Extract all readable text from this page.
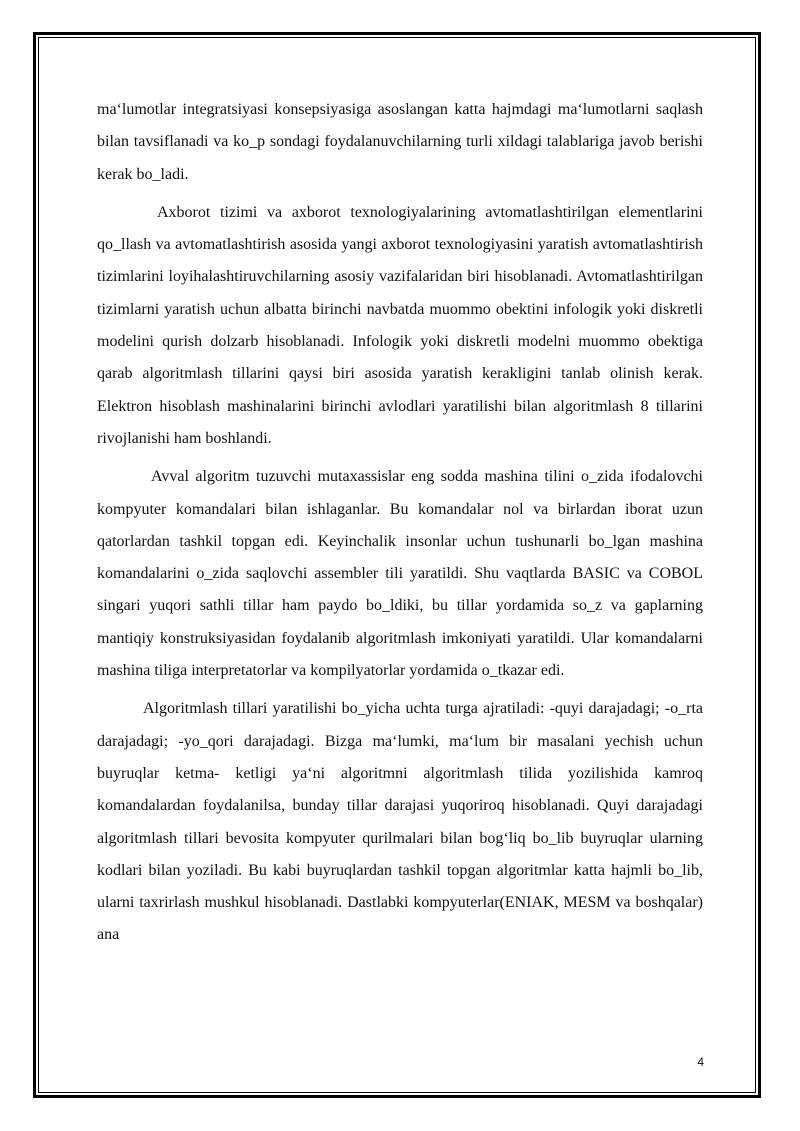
ma‘lumotlar integratsiyasi konsepsiyasiga asoslangan katta hajmdagi ma‘lumotlarni saqlash bilan tavsiflanadi va ko_p sondagi foydalanuvchilarning turli xildagi talablariga javob berishi kerak bo_ladi.

Axborot tizimi va axborot texnologiyalarining avtomatlashtirilgan elementlarini qo_llash va avtomatlashtirish asosida yangi axborot texnologiyasini yaratish avtomatlashtirish tizimlarini loyihalashtiruvchilarning asosiy vazifalaridan biri hisoblanadi. Avtomatlashtirilgan tizimlarni yaratish uchun albatta birinchi navbatda muommo obektini infologik yoki diskretli modelini qurish dolzarb hisoblanadi. Infologik yoki diskretli modelni muommo obektiga qarab algoritmlash tillarini qaysi biri asosida yaratish kerakligini tanlab olinish kerak. Elektron hisoblash mashinalarini birinchi avlodlari yaratilishi bilan algoritmlash 8 tillarini rivojlanishi ham boshlandi.

Avval algoritm tuzuvchi mutaxassislar eng sodda mashina tilini o_zida ifodalovchi kompyuter komandalari bilan ishlaganlar. Bu komandalar nol va birlardan iborat uzun qatorlardan tashkil topgan edi. Keyinchalik insonlar uchun tushunarli bo_lgan mashina komandalarini o_zida saqlovchi assembler tili yaratildi. Shu vaqtlarda BASIC va COBOL singari yuqori sathli tillar ham paydo bo_ldiki, bu tillar yordamida so_z va gaplarning mantiqiy konstruksiyasidan foydalanib algoritmlash imkoniyati yaratildi. Ular komandalarni mashina tiliga interpretatorlar va kompilyatorlar yordamida o_tkazar edi.

Algoritmlash tillari yaratilishi bo_yicha uchta turga ajratiladi: -quyi darajadagi; -o_rta darajadagi; -yo_qori darajadagi. Bizga ma‘lumki, ma‘lum bir masalani yechish uchun buyruqlar ketma- ketligi ya‘ni algoritmni algoritmlash tilida yozilishida kamroq komandalardan foydalanilsa, bunday tillar darajasi yuqoriroq hisoblanadi. Quyi darajadagi algoritmlash tillari bevosita kompyuter qurilmalari bilan bog‘liq bo_lib buyruqlar ularning kodlari bilan yoziladi. Bu kabi buyruqlardan tashkil topgan algoritmlar katta hajmli bo_lib, ularni taxrirlash mushkul hisoblanadi. Dastlabki kompyuterlar(ENIAK, MESM va boshqalar) ana

4
